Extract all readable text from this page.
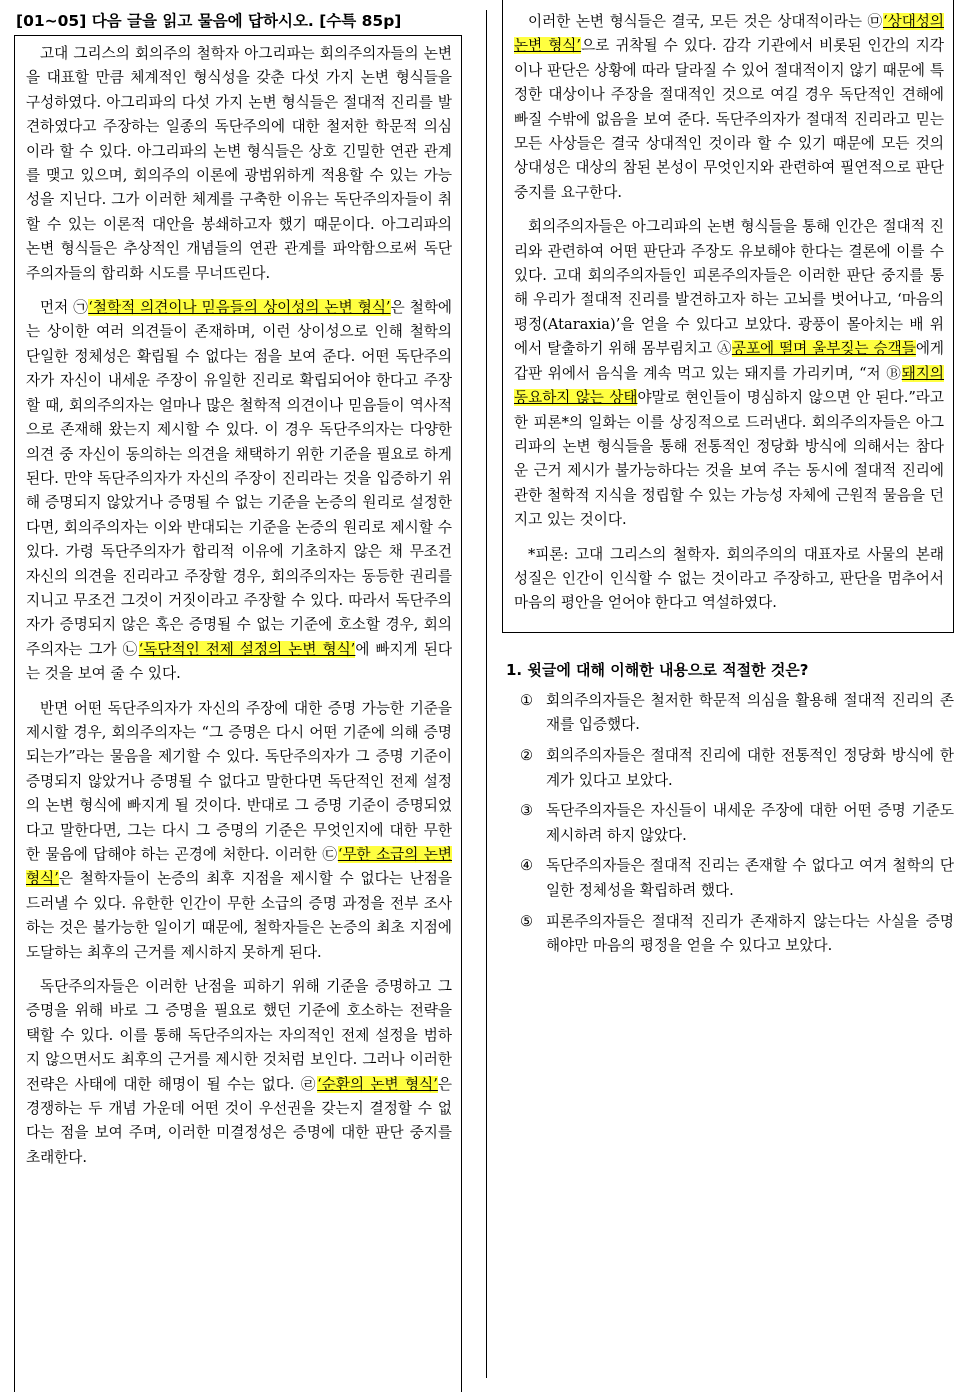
[01~05] 다음 글을 읽고 물음에 답하시오. [수특 85p]

고대 그리스의 회의주의 철학자 아그리파는 회의주의자들의 논변을 대표할 만큼 체계적인 형식성을 갖춘 다섯 가지 논변 형식들을 구성하였다. 아그리파의 다섯 가지 논변 형식들은 절대적 진리를 발견하였다고 주장하는 일종의 독단주의에 대한 철저한 학문적 의심이라 할 수 있다. 아그리파의 논변 형식들은 상호 긴밀한 연관 관계를 맺고 있으며, 회의주의 이론에 광범위하게 적용할 수 있는 가능성을 지닌다. 그가 이러한 체계를 구축한 이유는 독단주의자들이 취할 수 있는 이론적 대안을 봉쇄하고자 했기 때문이다. 아그리파의 논변 형식들은 추상적인 개념들의 연관 관계를 파악함으로써 독단주의자들의 합리화 시도를 무너뜨린다.

먼저 ㉠‘철학적 의견이나 믿음들의 상이성의 논변 형식’은 철학에는 상이한 여러 의견들이 존재하며, 이런 상이성으로 인해 철학의 단일한 정체성은 확립될 수 없다는 점을 보여 준다. 어떤 독단주의자가 자신이 내세운 주장이 유일한 진리로 확립되어야 한다고 주장할 때, 회의주의자는 얼마나 많은 철학적 의견이나 믿음들이 역사적으로 존재해 왔는지 제시할 수 있다. 이 경우 독단주의자는 다양한 의견 중 자신이 동의하는 의견을 채택하기 위한 기준을 필요로 하게 된다. 만약 독단주의자가 자신의 주장이 진리라는 것을 입증하기 위해 증명되지 않았거나 증명될 수 없는 기준을 논증의 원리로 설정한다면, 회의주의자는 이와 반대되는 기준을 논증의 원리로 제시할 수 있다. 가령 독단주의자가 합리적 이유에 기초하지 않은 채 무조건 자신의 의견을 진리라고 주장할 경우, 회의주의자는 동등한 권리를 지니고 무조건 그것이 거짓이라고 주장할 수 있다. 따라서 독단주의자가 증명되지 않은 혹은 증명될 수 없는 기준에 호소할 경우, 회의주의자는 그가 ㉡‘독단적인 전제 설정의 논변 형식’에 빠지게 된다는 것을 보여 줄 수 있다.

반면 어떤 독단주의자가 자신의 주장에 대한 증명 가능한 기준을 제시할 경우, 회의주의자는 “그 증명은 다시 어떤 기준에 의해 증명되는가”라는 물음을 제기할 수 있다. 독단주의자가 그 증명 기준이 증명되지 않았거나 증명될 수 없다고 말한다면 독단적인 전제 설정의 논변 형식에 빠지게 될 것이다. 반대로 그 증명 기준이 증명되었다고 말한다면, 그는 다시 그 증명의 기준은 무엇인지에 대한 무한한 물음에 답해야 하는 곤경에 처한다. 이러한 ㉢‘무한 소급의 논변 형식’은 철학자들이 논증의 최후 지점을 제시할 수 없다는 난점을 드러낼 수 있다. 유한한 인간이 무한 소급의 증명 과정을 전부 조사하는 것은 불가능한 일이기 때문에, 철학자들은 논증의 최초 지점에 도달하는 최후의 근거를 제시하지 못하게 된다.

독단주의자들은 이러한 난점을 피하기 위해 기준을 증명하고 그 증명을 위해 바로 그 증명을 필요로 했던 기준에 호소하는 전략을 택할 수 있다. 이를 통해 독단주의자는 자의적인 전제 설정을 범하지 않으면서도 최후의 근거를 제시한 것처럼 보인다. 그러나 이러한 전략은 사태에 대한 해명이 될 수는 없다. ㉣‘순환의 논변 형식’은 경쟁하는 두 개념 가운데 어떤 것이 우선권을 갖는지 결정할 수 없다는 점을 보여 주며, 이러한 미결정성은 증명에 대한 판단 중지를 초래한다.

이러한 논변 형식들은 결국, 모든 것은 상대적이라는 ㉤‘상대성의 논변 형식’으로 귀착될 수 있다. 감각 기관에서 비롯된 인간의 지각이나 판단은 상황에 따라 달라질 수 있어 절대적이지 않기 때문에 특정한 대상이나 주장을 절대적인 것으로 여길 경우 독단적인 견해에 빠질 수밖에 없음을 보여 준다. 독단주의자가 절대적 진리라고 믿는 모든 사상들은 결국 상대적인 것이라 할 수 있기 때문에 모든 것의 상대성은 대상의 참된 본성이 무엇인지와 관련하여 필연적으로 판단 중지를 요구한다.

회의주의자들은 아그리파의 논변 형식들을 통해 인간은 절대적 진리와 관련하여 어떤 판단과 주장도 유보해야 한다는 결론에 이를 수 있다. 고대 회의주의자들인 피론주의자들은 이러한 판단 중지를 통해 우리가 절대적 진리를 발견하고자 하는 고뇌를 벗어나고, ‘마음의 평정(Ataraxia)’을 얻을 수 있다고 보았다. 광풍이 몰아치는 배 위에서 탈출하기 위해 몸부림치고 Ⓐ공포에 떨며 울부짖는 승객들에게 갑판 위에서 음식을 계속 먹고 있는 돼지를 가리키며, “저 Ⓑ돼지의 동요하지 않는 상태야말로 현인들이 명심하지 않으면 안 된다.”라고 한 피론*의 일화는 이를 상징적으로 드러낸다. 회의주의자들은 아그리파의 논변 형식들을 통해 전통적인 정당화 방식에 의해서는 참다운 근거 제시가 불가능하다는 것을 보여 주는 동시에 절대적 진리에 관한 철학적 지식을 정립할 수 있는 가능성 자체에 근원적 물음을 던지고 있는 것이다.

*피론: 고대 그리스의 철학자. 회의주의의 대표자로 사물의 본래 성질은 인간이 인식할 수 없는 것이라고 주장하고, 판단을 멈추어서 마음의 평안을 얻어야 한다고 역설하였다.

1. 윗글에 대해 이해한 내용으로 적절한 것은?
① 회의주의자들은 철저한 학문적 의심을 활용해 절대적 진리의 존재를 입증했다.
② 회의주의자들은 절대적 진리에 대한 전통적인 정당화 방식에 한계가 있다고 보았다.
③ 독단주의자들은 자신들이 내세운 주장에 대한 어떤 증명 기준도 제시하려 하지 않았다.
④ 독단주의자들은 절대적 진리는 존재할 수 없다고 여겨 철학의 단일한 정체성을 확립하려 했다.
⑤ 피론주의자들은 절대적 진리가 존재하지 않는다는 사실을 증명해야만 마음의 평정을 얻을 수 있다고 보았다.
